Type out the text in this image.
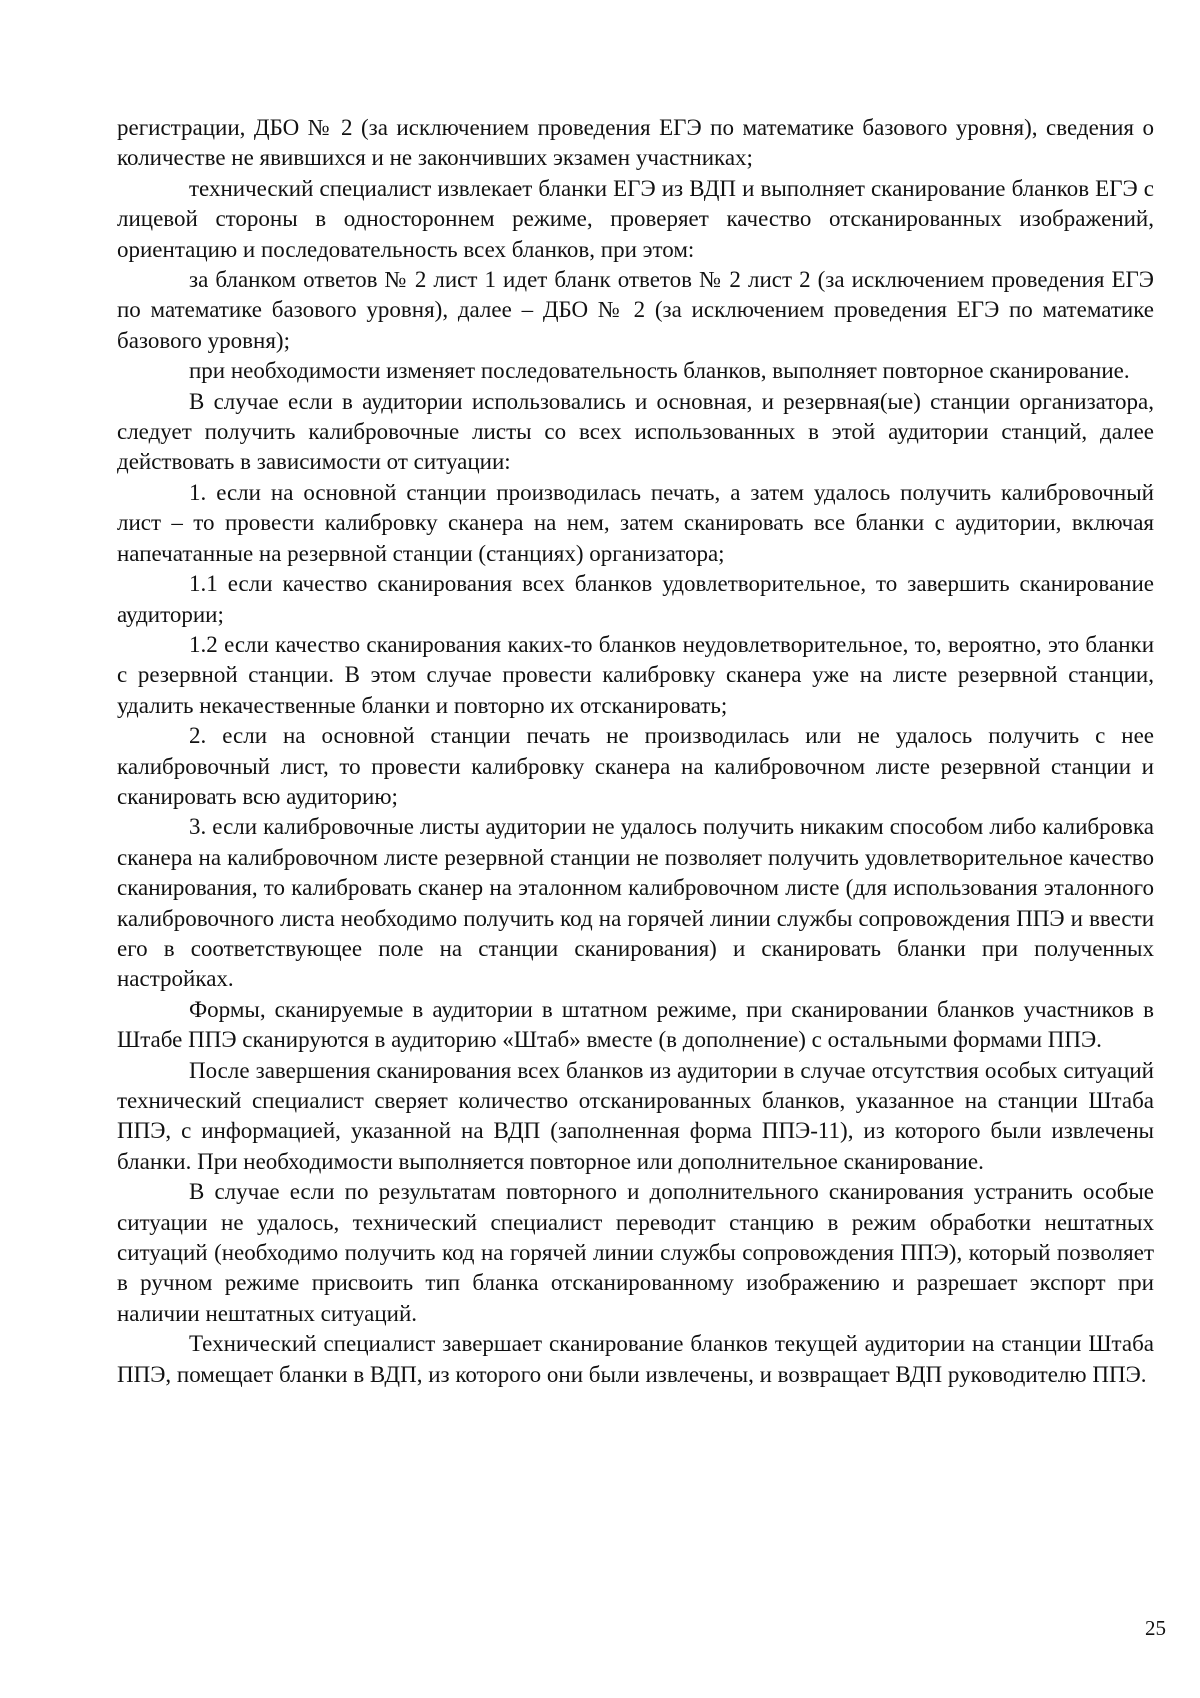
регистрации, ДБО № 2 (за исключением проведения ЕГЭ по математике базового уровня), сведения о количестве не явившихся и не закончивших экзамен участниках;

технический специалист извлекает бланки ЕГЭ из ВДП и выполняет сканирование бланков ЕГЭ с лицевой стороны в одностороннем режиме, проверяет качество отсканированных изображений, ориентацию и последовательность всех бланков, при этом:

за бланком ответов № 2 лист 1 идет бланк ответов № 2 лист 2 (за исключением проведения ЕГЭ по математике базового уровня), далее – ДБО № 2 (за исключением проведения ЕГЭ по математике базового уровня);

при необходимости изменяет последовательность бланков, выполняет повторное сканирование.

В случае если в аудитории использовались и основная, и резервная(ые) станции организатора, следует получить калибровочные листы со всех использованных в этой аудитории станций, далее действовать в зависимости от ситуации:

1. если на основной станции производилась печать, а затем удалось получить калибровочный лист – то провести калибровку сканера на нем, затем сканировать все бланки с аудитории, включая напечатанные на резервной станции (станциях) организатора;

1.1 если качество сканирования всех бланков удовлетворительное, то завершить сканирование аудитории;

1.2 если качество сканирования каких-то бланков неудовлетворительное, то, вероятно, это бланки с резервной станции. В этом случае провести калибровку сканера уже на листе резервной станции, удалить некачественные бланки и повторно их отсканировать;

2. если на основной станции печать не производилась или не удалось получить с нее калибровочный лист, то провести калибровку сканера на калибровочном листе резервной станции и сканировать всю аудиторию;

3. если калибровочные листы аудитории не удалось получить никаким способом либо калибровка сканера на калибровочном листе резервной станции не позволяет получить удовлетворительное качество сканирования, то калибровать сканер на эталонном калибровочном листе (для использования эталонного калибровочного листа необходимо получить код на горячей линии службы сопровождения ППЭ и ввести его в соответствующее поле на станции сканирования) и сканировать бланки при полученных настройках.

Формы, сканируемые в аудитории в штатном режиме, при сканировании бланков участников в Штабе ППЭ сканируются в аудиторию «Штаб» вместе (в дополнение) с остальными формами ППЭ.

После завершения сканирования всех бланков из аудитории в случае отсутствия особых ситуаций технический специалист сверяет количество отсканированных бланков, указанное на станции Штаба ППЭ, с информацией, указанной на ВДП (заполненная форма ППЭ-11), из которого были извлечены бланки. При необходимости выполняется повторное или дополнительное сканирование.

В случае если по результатам повторного и дополнительного сканирования устранить особые ситуации не удалось, технический специалист переводит станцию в режим обработки нештатных ситуаций (необходимо получить код на горячей линии службы сопровождения ППЭ), который позволяет в ручном режиме присвоить тип бланка отсканированному изображению и разрешает экспорт при наличии нештатных ситуаций.

Технический специалист завершает сканирование бланков текущей аудитории на станции Штаба ППЭ, помещает бланки в ВДП, из которого они были извлечены, и возвращает ВДП руководителю ППЭ.

25
